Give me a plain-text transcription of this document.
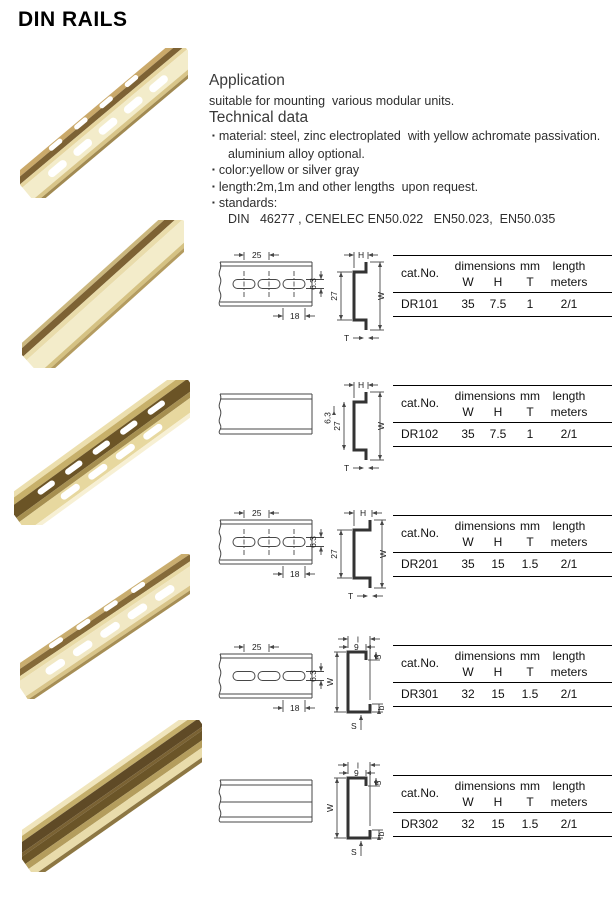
DIN RAILS
Application
suitable for mounting  various modular units.
Technical data
▪ material: steel, zinc electroplated  with yellow achromate passivation.
aluminium alloy optional.
▪ color:yellow or silver gray
▪ length:2m,1m and other lengths  upon request.
▪ standards:
DIN   46277 , CENELEC EN50.022   EN50.023,  EN50.035
25
6.3
18
H
W
27
T
H
W
27
6.3
T
25
6.3
18
H
W
27
T
25
6.3
18
l
9
5
b
W
S
l
9
5
b
W
S
cat.No.	dimensions mm	length
W	H	T	meters
DR101	35	7.5	1	2/1
cat.No.	dimensions mm	length
W	H	T	meters
DR102	35	7.5	1	2/1
cat.No.	dimensions mm	length
W	H	T	meters
DR201	35	15	1.5	2/1
cat.No.	dimensions mm	length
W	H	T	meters
DR301	32	15	1.5	2/1
cat.No.	dimensions mm	length
W	H	T	meters
DR302	32	15	1.5	2/1
